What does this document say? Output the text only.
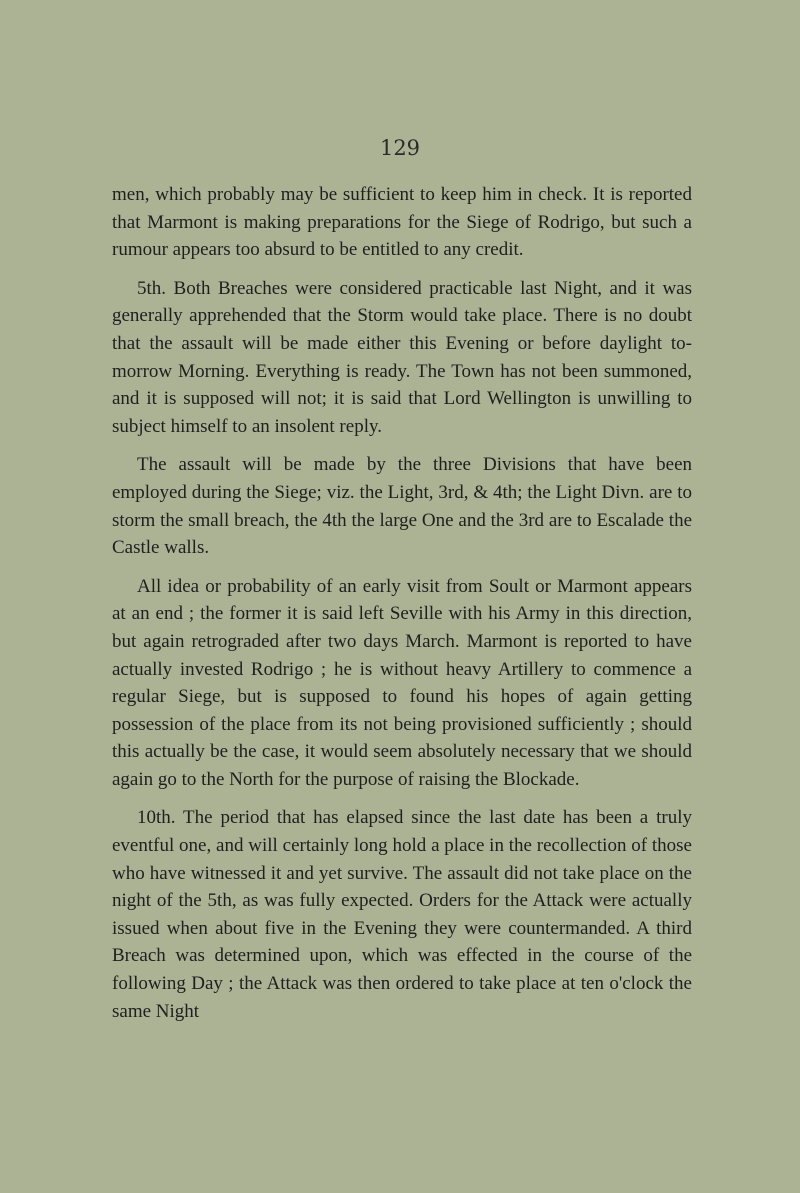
129

men, which probably may be sufficient to keep him in check. It is reported that Marmont is making preparations for the Siege of Rodrigo, but such a rumour appears too absurd to be entitled to any credit.

5th. Both Breaches were considered practicable last Night, and it was generally apprehended that the Storm would take place. There is no doubt that the assault will be made either this Evening or before daylight to-morrow Morning. Everything is ready. The Town has not been summoned, and it is supposed will not; it is said that Lord Wellington is unwilling to subject himself to an insolent reply.

The assault will be made by the three Divisions that have been employed during the Siege; viz. the Light, 3rd, & 4th; the Light Divn. are to storm the small breach, the 4th the large One and the 3rd are to Escalade the Castle walls.

All idea or probability of an early visit from Soult or Marmont appears at an end ; the former it is said left Seville with his Army in this direction, but again retrograded after two days March. Marmont is reported to have actually invested Rodrigo ; he is without heavy Artillery to commence a regular Siege, but is supposed to found his hopes of again getting possession of the place from its not being provisioned sufficiently ; should this actually be the case, it would seem absolutely necessary that we should again go to the North for the purpose of raising the Blockade.

10th. The period that has elapsed since the last date has been a truly eventful one, and will certainly long hold a place in the recollection of those who have witnessed it and yet survive. The assault did not take place on the night of the 5th, as was fully expected. Orders for the Attack were actually issued when about five in the Evening they were countermanded. A third Breach was determined upon, which was effected in the course of the following Day ; the Attack was then ordered to take place at ten o'clock the same Night
